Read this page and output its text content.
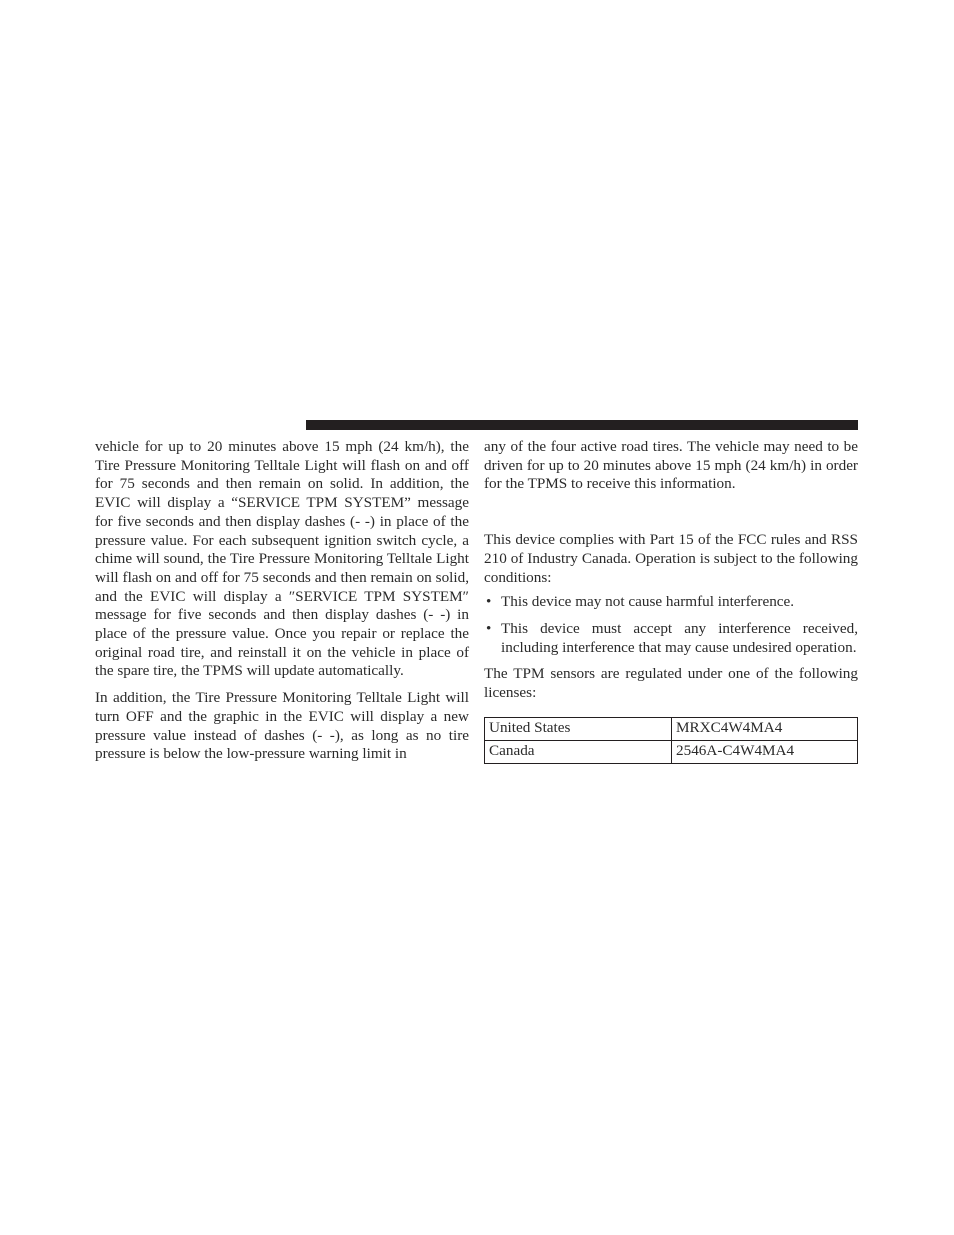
vehicle for up to 20 minutes above 15 mph (24 km/h), the Tire Pressure Monitoring Telltale Light will flash on and off for 75 seconds and then remain on solid. In addition, the EVIC will display a “SERVICE TPM SYSTEM” message for five seconds and then display dashes (- -) in place of the pressure value. For each subsequent ignition switch cycle, a chime will sound, the Tire Pressure Monitoring Telltale Light will flash on and off for 75 seconds and then remain on solid, and the EVIC will display a ″SERVICE TPM SYSTEM″ message for five seconds and then display dashes (- -) in place of the pressure value. Once you repair or replace the original road tire, and reinstall it on the vehicle in place of the spare tire, the TPMS will update automatically.

In addition, the Tire Pressure Monitoring Telltale Light will turn OFF and the graphic in the EVIC will display a new pressure value instead of dashes (- -), as long as no tire pressure is below the low-pressure warning limit in

any of the four active road tires. The vehicle may need to be driven for up to 20 minutes above 15 mph (24 km/h) in order for the TPMS to receive this information.

This device complies with Part 15 of the FCC rules and RSS 210 of Industry Canada. Operation is subject to the following conditions:

• This device may not cause harmful interference.
• This device must accept any interference received, including interference that may cause undesired operation.

The TPM sensors are regulated under one of the following licenses:

United States	MRXC4W4MA4
Canada	2546A-C4W4MA4
